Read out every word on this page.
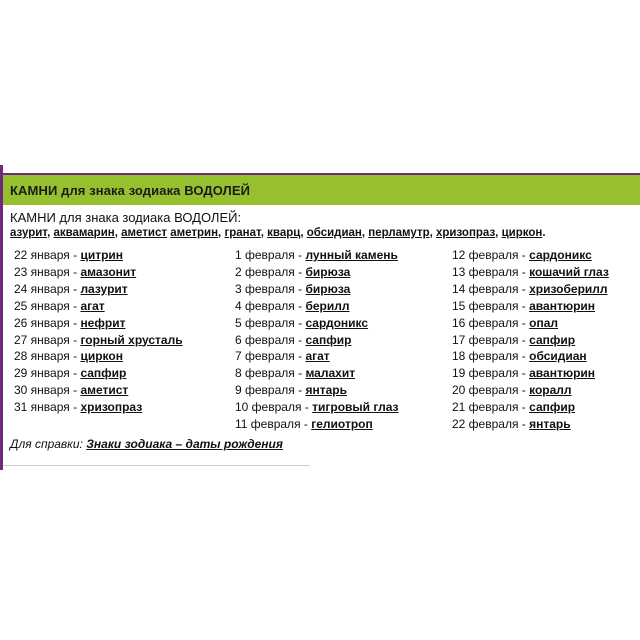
КАМНИ для знака зодиака ВОДОЛЕЙ
КАМНИ для знака зодиака ВОДОЛЕЙ:
азурит, аквамарин, аметист аметрин, гранат, кварц, обсидиан, перламутр, хризопраз, циркон.
22 января - цитрин
23 января - амазонит
24 января - лазурит
25 января - агат
26 января - нефрит
27 января - горный хрусталь
28 января - циркон
29 января - сапфир
30 января - аметист
31 января - хризопраз
1 февраля - лунный камень
2 февраля - бирюза
3 февраля - бирюза
4 февраля - берилл
5 февраля - сардоникс
6 февраля - сапфир
7 февраля - агат
8 февраля - малахит
9 февраля - янтарь
10 февраля - тигровый глаз
11 февраля - гелиотроп
12 февраля - сардоникс
13 февраля - кошачий глаз
14 февраля - хризоберилл
15 февраля - авантюрин
16 февраля - опал
17 февраля - сапфир
18 февраля - обсидиан
19 февраля - авантюрин
20 февраля - коралл
21 февраля - сапфир
22 февраля - янтарь
Для справки: Знаки зодиака – даты рождения
